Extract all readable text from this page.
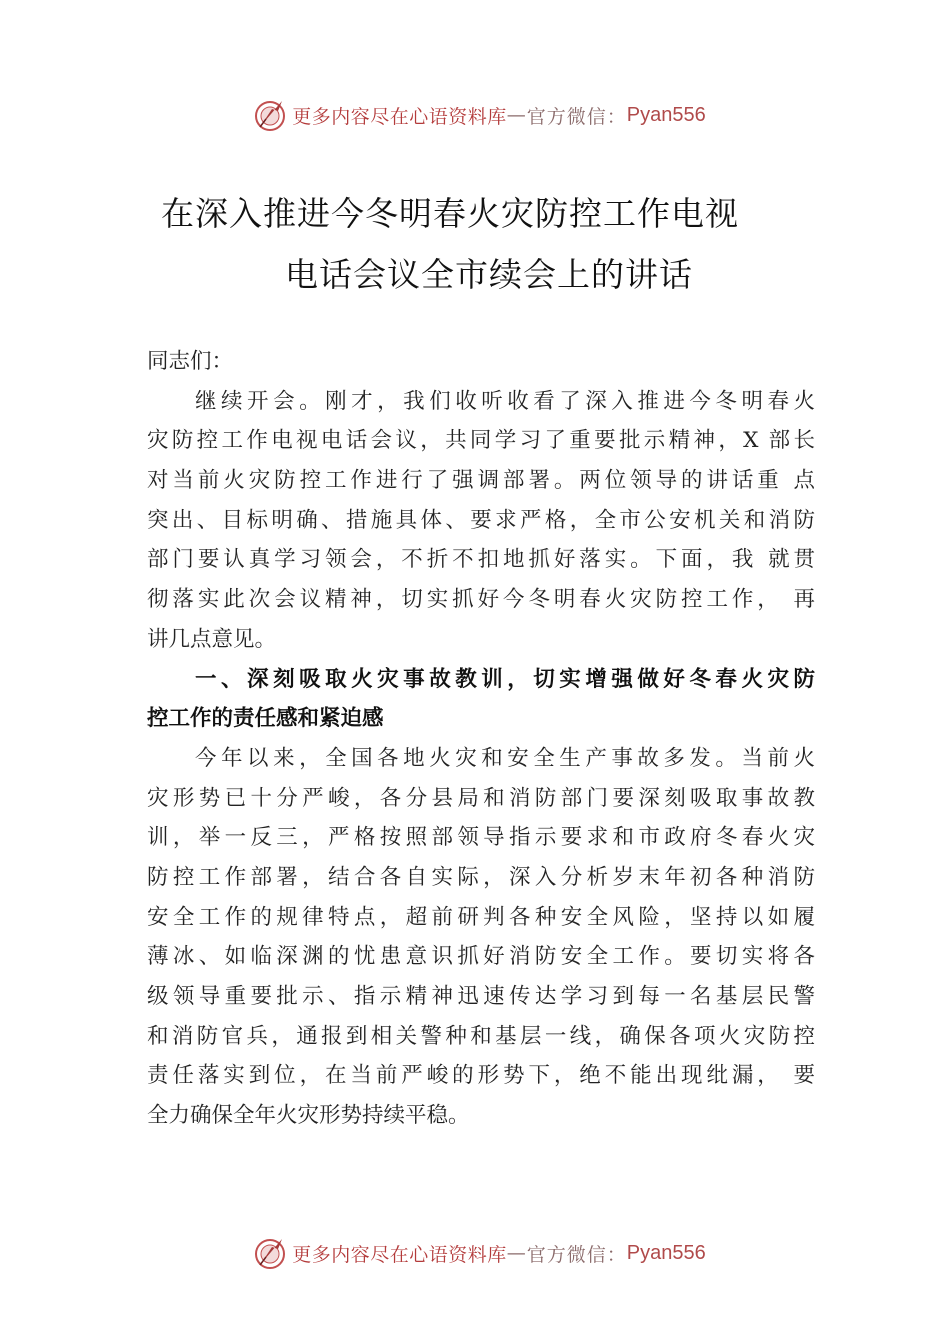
更多内容尽在心语资料库 — 官方微信： Pyan556
在深入推进今冬明春火灾防控工作电视
电话会议全市续会上的讲话
同志们：
继续开会。刚才，我们收听收看了深入推进今冬明春火
灾防控工作电视电话会议，共同学习了重要批示精神，X 部长
对当前火灾防控工作进行了强调部署。两位领导的讲话重 点
突出、目标明确、措施具体、要求严格，全市公安机关和消防
部门要认真学习领会，不折不扣地抓好落实。下面，我 就贯
彻落实此次会议精神，切实抓好今冬明春火灾防控工作， 再
讲几点意见。
一、深刻吸取火灾事故教训，切实增强做好冬春火灾防
控工作的责任感和紧迫感
今年以来，全国各地火灾和安全生产事故多发。当前火
灾形势已十分严峻，各分县局和消防部门要深刻吸取事故教
训，举一反三，严格按照部领导指示要求和市政府冬春火灾
防控工作部署，结合各自实际，深入分析岁末年初各种消防
安全工作的规律特点，超前研判各种安全风险，坚持以如履
薄冰、如临深渊的忧患意识抓好消防安全工作。要切实将各
级领导重要批示、指示精神迅速传达学习到每一名基层民警
和消防官兵，通报到相关警种和基层一线，确保各项火灾防控
责任落实到位，在当前严峻的形势下，绝不能出现纰漏， 要
全力确保全年火灾形势持续平稳。
更多内容尽在心语资料库 — 官方微信： Pyan556
